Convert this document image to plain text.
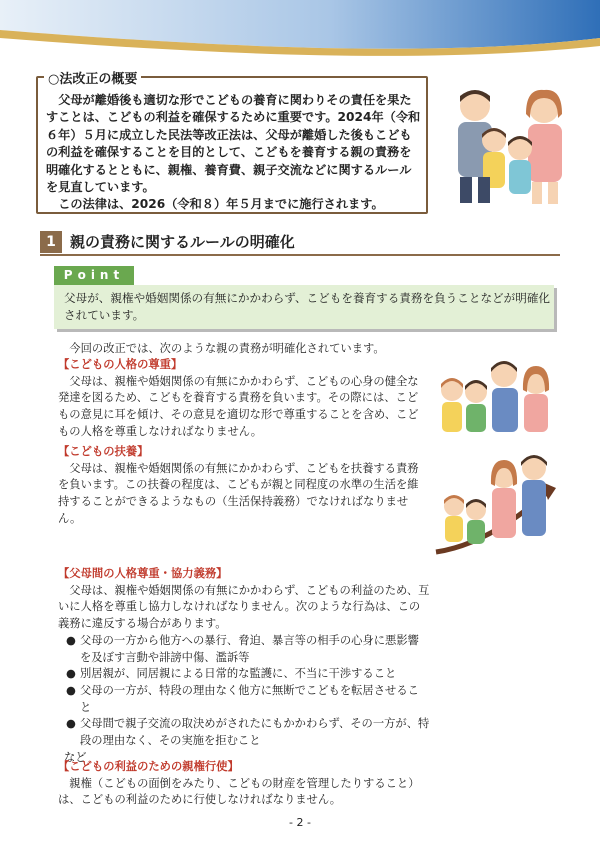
○法改正の概要

父母が離婚後も適切な形でこどもの養育に関わりその責任を果たすことは、こどもの利益を確保するために重要です。2024年（令和６年）５月に成立した民法等改正法は、父母が離婚した後もこどもの利益を確保することを目的として、こどもを養育する親の責務を明確化するとともに、親権、養育費、親子交流などに関するルールを見直しています。

この法律は、2026（令和８）年５月までに施行されます。

1 親の責務に関するルールの明確化
Point
父母が、親権や婚姻関係の有無にかかわらず、こどもを養育する責務を負うことなどが明確化されています。

今回の改正では、次のような親の責務が明確化されています。

【こどもの人格の尊重】

父母は、親権や婚姻関係の有無にかかわらず、こどもの心身の健全な発達を図るため、こどもを養育する責務を負います。その際には、こどもの意見に耳を傾け、その意見を適切な形で尊重することを含め、こどもの人格を尊重しなければなりません。

【こどもの扶養】

父母は、親権や婚姻関係の有無にかかわらず、こどもを扶養する責務を負います。この扶養の程度は、こどもが親と同程度の水準の生活を維持することができるようなもの（生活保持義務）でなければなりません。

【父母間の人格尊重・協力義務】

父母は、親権や婚姻関係の有無にかかわらず、こどもの利益のため、互いに人格を尊重し協力しなければなりません。次のような行為は、この義務に違反する場合があります。

● 父母の一方から他方への暴行、脅迫、暴言等の相手の心身に悪影響を及ぼす言動や誹謗中傷、濫訴等
● 別居親が、同居親による日常的な監護に、不当に干渉すること
● 父母の一方が、特段の理由なく他方に無断でこどもを転居させること
● 父母間で親子交流の取決めがされたにもかかわらず、その一方が、特段の理由なく、その実施を拒むこと

など

【こどもの利益のための親権行使】

親権（こどもの面倒をみたり、こどもの財産を管理したりすること）は、こどもの利益のために行使しなければなりません。

- 2 -
